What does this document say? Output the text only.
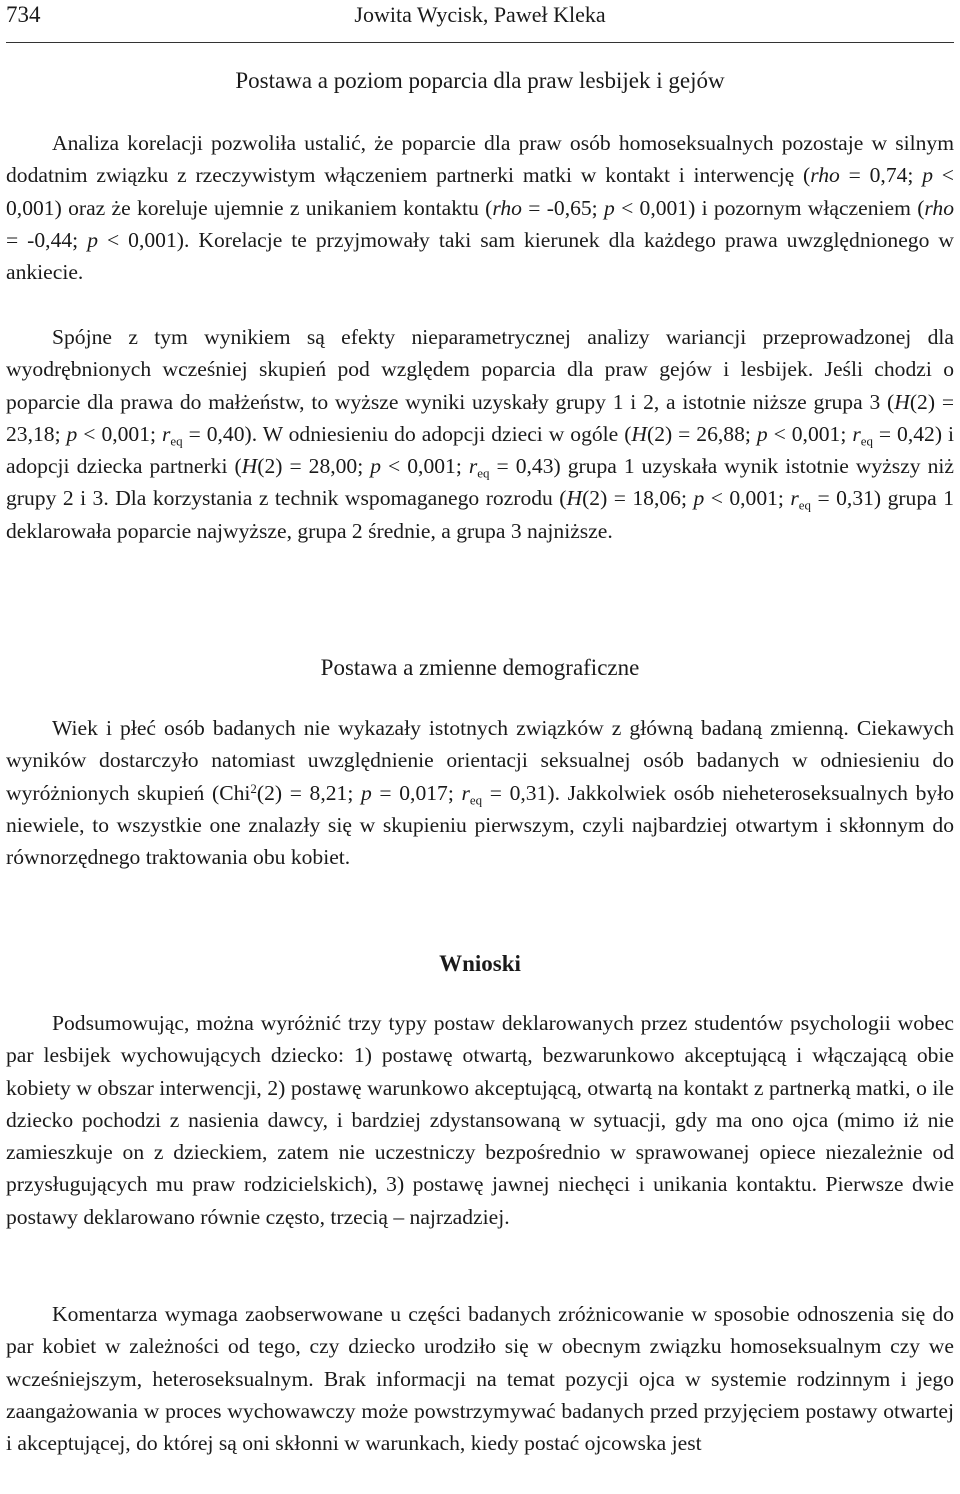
734	Jowita Wycisk, Paweł Kleka
Postawa a poziom poparcia dla praw lesbijek i gejów

Analiza korelacji pozwoliła ustalić, że poparcie dla praw osób homoseksualnych pozostaje w silnym dodatnim związku z rzeczywistym włączeniem partnerki matki w kontakt i interwencję (rho = 0,74; p < 0,001) oraz że koreluje ujemnie z unikaniem kontaktu (rho = -0,65; p < 0,001) i pozornym włączeniem (rho = -0,44; p < 0,001). Korelacje te przyjmowały taki sam kierunek dla każdego prawa uwzględnionego w ankiecie.

Spójne z tym wynikiem są efekty nieparametrycznej analizy wariancji przeprowadzonej dla wyodrębnionych wcześniej skupień pod względem poparcia dla praw gejów i lesbijek. Jeśli chodzi o poparcie dla prawa do małżeństw, to wyższe wyniki uzyskały grupy 1 i 2, a istotnie niższe grupa 3 (H(2) = 23,18; p < 0,001; $r_{eq} = 0,40$). W odniesieniu do adopcji dzieci w ogóle (H(2) = 26,88; p < 0,001; $r_{eq} = 0,42$) i adopcji dziecka partnerki (H(2) = 28,00; p < 0,001; $r_{eq} = 0,43$) grupa 1 uzyskała wynik istotnie wyższy niż grupy 2 i 3. Dla korzystania z technik wspomaganego rozrodu (H(2) = 18,06; p < 0,001; $r_{eq} = 0,31$) grupa 1 deklarowała poparcie najwyższe, grupa 2 średnie, a grupa 3 najniższe.

Postawa a zmienne demograficzne

Wiek i płeć osób badanych nie wykazały istotnych związków z główną badaną zmienną. Ciekawych wyników dostarczyło natomiast uwzględnienie orientacji seksualnej osób badanych w odniesieniu do wyróżnionych skupień (Chi$^2$(2) = 8,21; p = 0,017; $r_{eq} = 0,31$). Jakkolwiek osób nieheteroseksualnych było niewiele, to wszystkie one znalazły się w skupieniu pierwszym, czyli najbardziej otwartym i skłonnym do równorzędnego traktowania obu kobiet.

Wnioski

Podsumowując, można wyróżnić trzy typy postaw deklarowanych przez studentów psychologii wobec par lesbijek wychowujących dziecko: 1) postawę otwartą, bezwarunkowo akceptującą i włączającą obie kobiety w obszar interwencji, 2) postawę warunkowo akceptującą, otwartą na kontakt z partnerką matki, o ile dziecko pochodzi z nasienia dawcy, i bardziej zdystansowaną w sytuacji, gdy ma ono ojca (mimo iż nie zamieszkuje on z dzieckiem, zatem nie uczestniczy bezpośrednio w sprawowanej opiece niezależnie od przysługujących mu praw rodzicielskich), 3) postawę jawnej niechęci i unikania kontaktu. Pierwsze dwie postawy deklarowano równie często, trzecią – najrzadziej.

Komentarza wymaga zaobserwowane u części badanych zróżnicowanie w sposobie odnoszenia się do par kobiet w zależności od tego, czy dziecko urodziło się w obecnym związku homoseksualnym czy we wcześniejszym, heteroseksualnym. Brak informacji na temat pozycji ojca w systemie rodzinnym i jego zaangażowania w proces wychowawczy może powstrzymywać badanych przed przyjęciem postawy otwartej i akceptującej, do której są oni skłonni w warunkach, kiedy postać ojcowska jest
